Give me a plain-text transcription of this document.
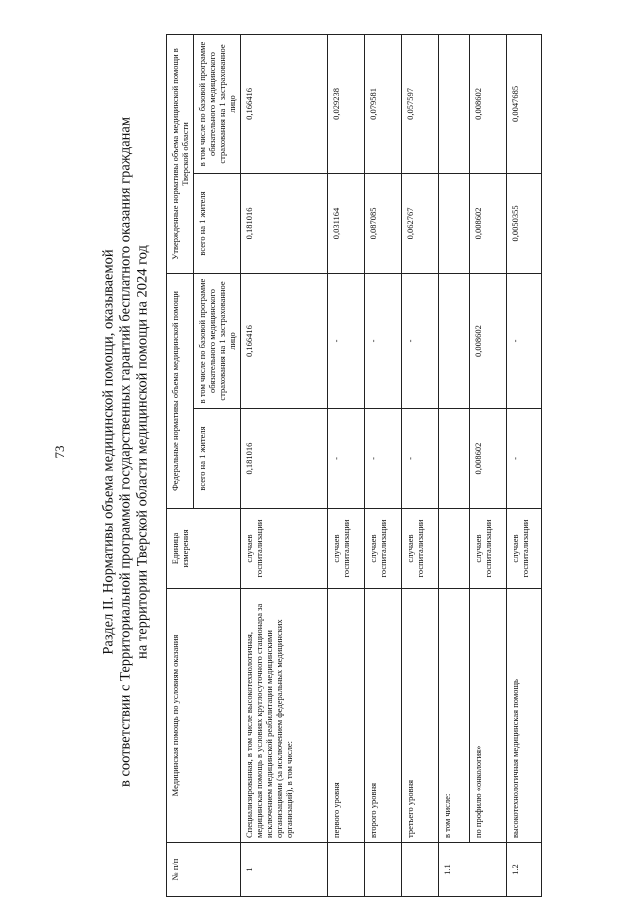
73 Раздел II. Нормативы объема медицинской помощи, оказываемой в соответствии с Территориальной программой государственных гарантий бесплатного оказания гражданам на территории Тверской области медицинской помощи на 2024 год
№ п/п	Медицинская помощь по условиям оказания	Единица измерения	Федеральные нормативы объема медицинской помощи		Утвержденные нормативы объема медицинской помощи в Тверской области	
			всего на 1 жителя	в том числе по базовой программе обязательного медицинского страхования на 1 застрахованное лицо	всего на 1 жителя	в том числе по базовой программе обязательного медицинского страхования на 1 застрахованное лицо
1	Специализированная, в том числе высокотехнологичная, медицинская помощь в условиях круглосуточного стационара за исключением медицинской реабилитации медицинскими организациями (за исключением федеральных медицинских организаций), в том числе:	случаев госпитализации	0,181016	0,166416	0,181016	0,166416
	первого уровня	случаев госпитализации	-	-	0,031164	0,029238
	второго уровня	случаев госпитализации	-	-	0,087085	0,079581
	третьего уровня	случаев госпитализации	-	-	0,062767	0,057597
1.1	в том числе:					
	по профилю «онкология»	случаев госпитализации	0,008602	0,008602	0,008602	0,008602
1.2	высокотехнологичная медицинская помощь	случаев госпитализации	-	-	0,0050355	0,0047685
